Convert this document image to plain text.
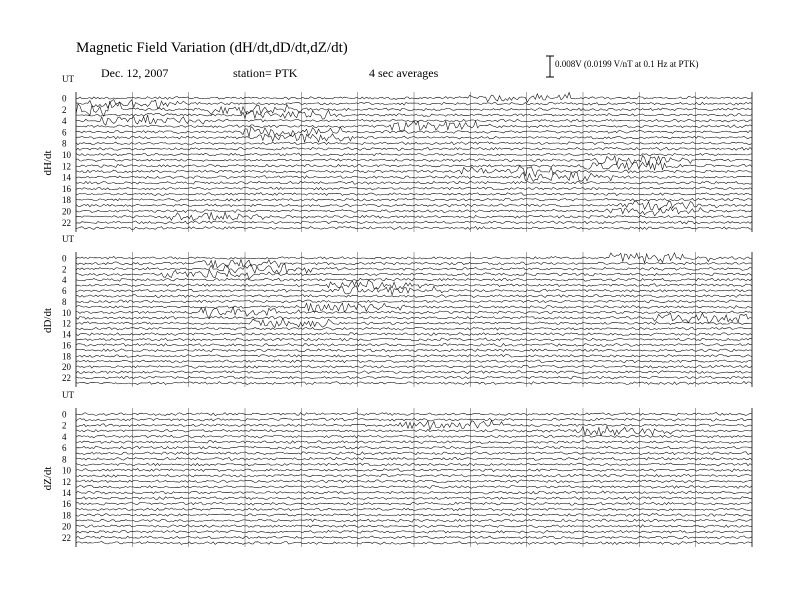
Magnetic Field Variation (dH/dt,dD/dt,dZ/dt)
Dec. 12, 2007	station= PTK	4 sec averages
0.008V (0.0199 V/nT at 0.1 Hz at PTK)
0
2
4
6
8
10
12
14
16
18
20
22
UT
dH/dt
0
2
4
6
8
10
12
14
16
18
20
22
UT
dD/dt
0
2
4
6
8
10
12
14
16
18
20
22
UT
dZ/dt
